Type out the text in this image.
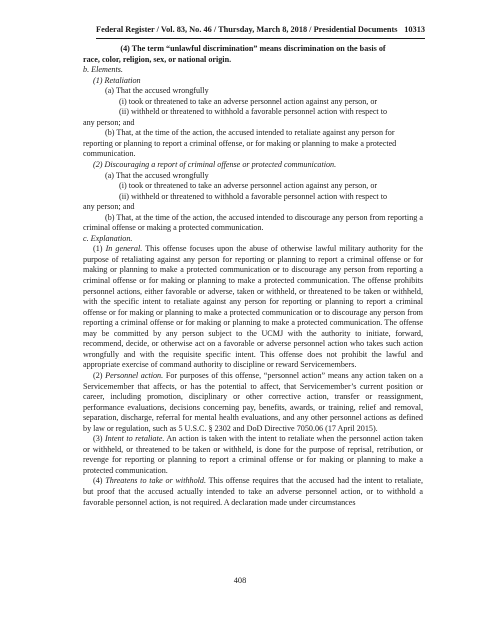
Federal Register / Vol. 83, No. 46 / Thursday, March 8, 2018 / Presidential Documents 10313

(4) The term “unlawful discrimination” means discrimination on the basis of

race, color, religion, sex, or national origin.

b. Elements.

(1) Retaliation

(a) That the accused wrongfully

(i) took or threatened to take an adverse personnel action against any person, or

(ii) withheld or threatened to withhold a favorable personnel action with respect to

any person; and

(b) That, at the time of the action, the accused intended to retaliate against any person for reporting or planning to report a criminal offense, or for making or planning to make a protected communication.

(2) Discouraging a report of criminal offense or protected communication.

(a) That the accused wrongfully

(i) took or threatened to take an adverse personnel action against any person, or

(ii) withheld or threatened to withhold a favorable personnel action with respect to

any person; and

(b) That, at the time of the action, the accused intended to discourage any person from reporting a criminal offense or making a protected communication.

c. Explanation.

(1) In general. This offense focuses upon the abuse of otherwise lawful military authority for the purpose of retaliating against any person for reporting or planning to report a criminal offense or for making or planning to make a protected communication or to discourage any person from reporting a criminal offense or for making or planning to make a protected communication. The offense prohibits personnel actions, either favorable or adverse, taken or withheld, or threatened to be taken or withheld, with the specific intent to retaliate against any person for reporting or planning to report a criminal offense or for making or planning to make a protected communication or to discourage any person from reporting a criminal offense or for making or planning to make a protected communication. The offense may be committed by any person subject to the UCMJ with the authority to initiate, forward, recommend, decide, or otherwise act on a favorable or adverse personnel action who takes such action wrongfully and with the requisite specific intent. This offense does not prohibit the lawful and appropriate exercise of command authority to discipline or reward Servicemembers.

(2) Personnel action. For purposes of this offense, “personnel action” means any action taken on a Servicemember that affects, or has the potential to affect, that Servicemember’s current position or career, including promotion, disciplinary or other corrective action, transfer or reassignment, performance evaluations, decisions concerning pay, benefits, awards, or training, relief and removal, separation, discharge, referral for mental health evaluations, and any other personnel actions as defined by law or regulation, such as 5 U.S.C. § 2302 and DoD Directive 7050.06 (17 April 2015).

(3) Intent to retaliate. An action is taken with the intent to retaliate when the personnel action taken or withheld, or threatened to be taken or withheld, is done for the purpose of reprisal, retribution, or revenge for reporting or planning to report a criminal offense or for making or planning to make a protected communication.

(4) Threatens to take or withhold. This offense requires that the accused had the intent to retaliate, but proof that the accused actually intended to take an adverse personnel action, or to withhold a favorable personnel action, is not required. A declaration made under circumstances

408
